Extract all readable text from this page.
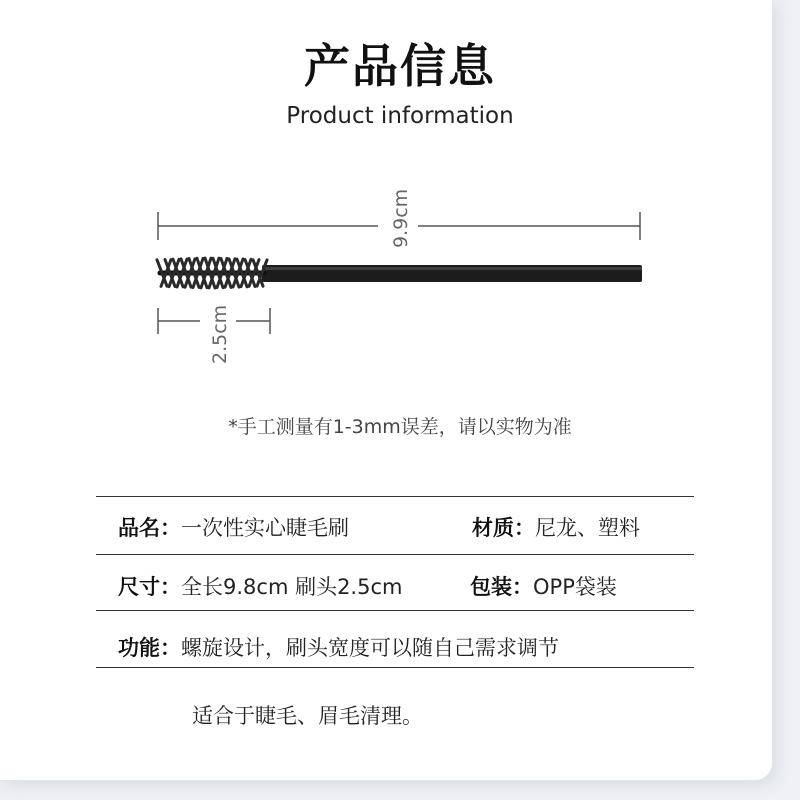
产品信息
Product information
9.9cm
2.5cm
*手工测量有1-3mm误差，请以实物为准
品名：一次性实心睫毛刷	材质：尼龙、塑料
尺寸：全长9.8cm 刷头2.5cm	包装：OPP袋装
功能：螺旋设计，刷头宽度可以随自己需求调节
适合于睫毛、眉毛清理。
